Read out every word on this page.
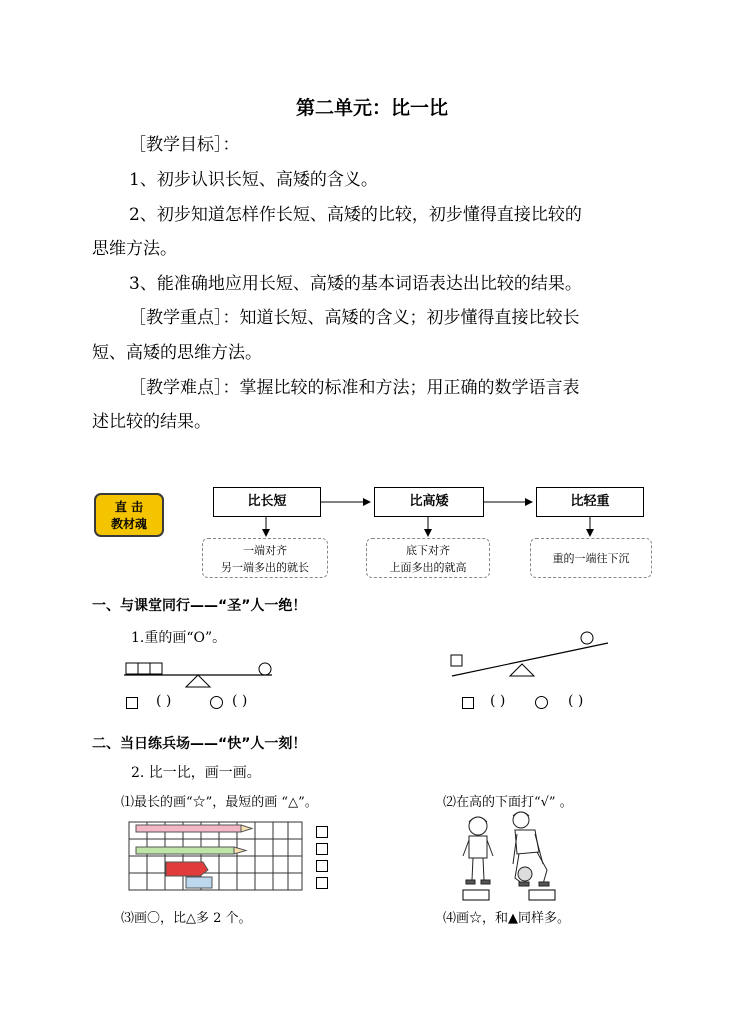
第二单元：比一比
［教学目标］：
1、初步认识长短、高矮的含义。
2、初步知道怎样作长短、高矮的比较，初步懂得直接比较的
思维方法。
3、能准确地应用长短、高矮的基本词语表达出比较的结果。
［教学重点］：知道长短、高矮的含义；初步懂得直接比较长
短、高矮的思维方法。
［教学难点］：掌握比较的标准和方法；用正确的数学语言表
述比较的结果。
直 击
教材魂
比长短	比高矮	比轻重
一端对齐
另一端多出的就长
底下对齐
上面多出的就高
重的一端往下沉
一、与课堂同行——“圣”人一绝！
1.重的画“O”。
( )	( )	( )	( )
二、当日练兵场——“快”人一刻！
2. 比一比，画一画。
⑴最长的画“☆”，最短的画 “△”。	⑵在高的下面打“√” 。
⑶画〇，比△多 2 个。	⑷画☆，和▲同样多。
